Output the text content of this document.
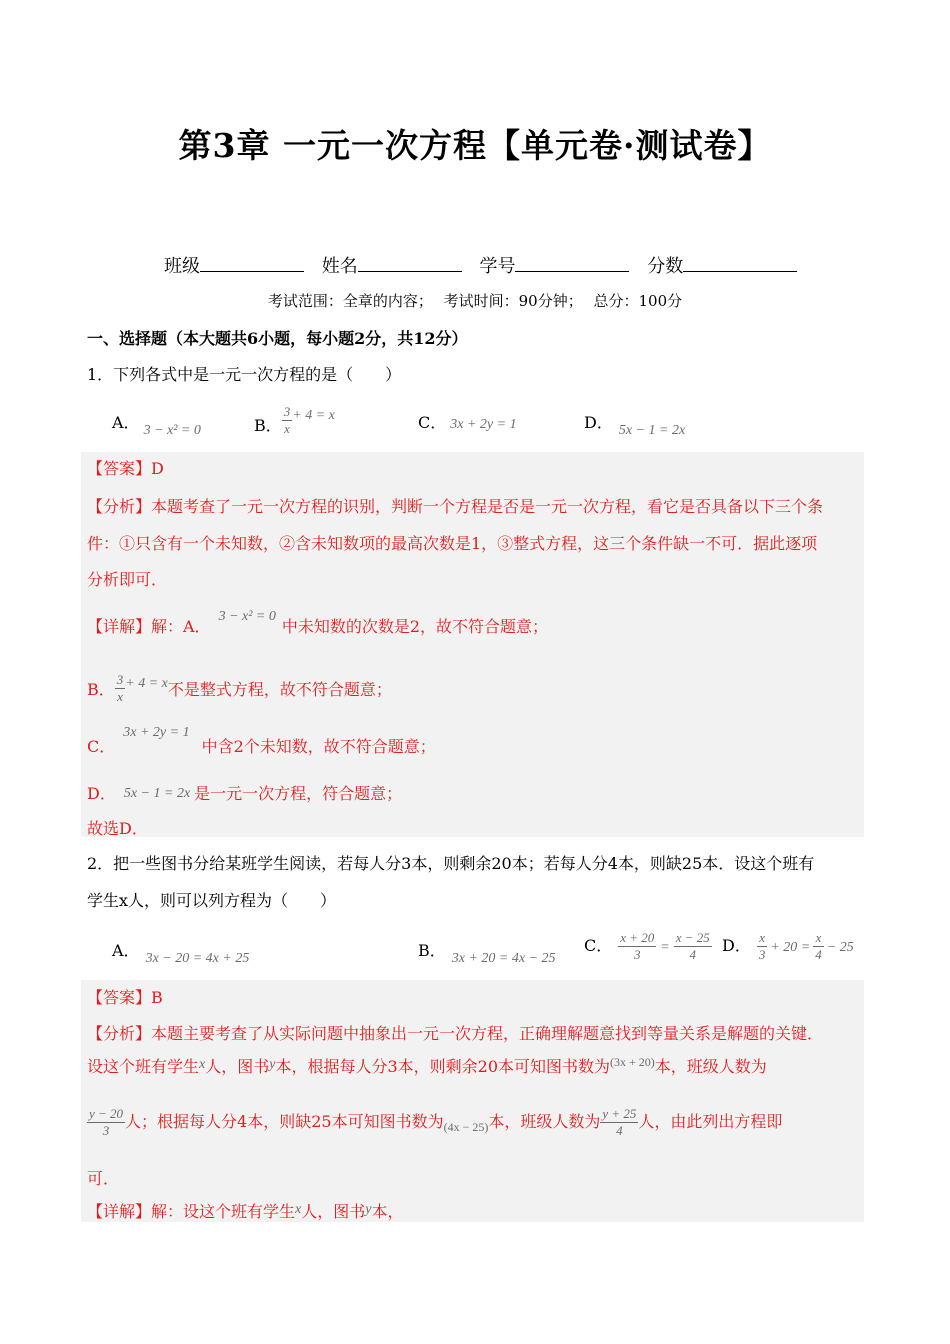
第3章 一元一次方程【单元卷·测试卷】
班级	姓名	学号	分数
考试范围：全章的内容； 考试时间：90分钟； 总分：100分
一、选择题（本大题共6小题，每小题2分，共12分）
1．下列各式中是一元一次方程的是（　　）
A． 3 − x² = 0	B． $\frac{3}{x} + 4 = x$	C． 3x + 2y = 1	D． 5x − 1 = 2x
【答案】D
【分析】本题考查了一元一次方程的识别，判断一个方程是否是一元一次方程，看它是否具备以下三个条
件：①只含有一个未知数，②含未知数项的最高次数是1，③整式方程，这三个条件缺一不可．据此逐项
分析即可．
【详解】解：A．3 − x² = 0中未知数的次数是2，故不符合题意；
B． $\frac{3}{x} + 4 = x$不是整式方程，故不符合题意；
C．3x + 2y = 1中含2个未知数，故不符合题意；
D． 5x − 1 = 2x 是一元一次方程，符合题意；
故选D．
2．把一些图书分给某班学生阅读，若每人分3本，则剩余20本；若每人分4本，则缺25本．设这个班有
学生x人，则可以列方程为（　　）
A． 3x − 20 = 4x + 25	B． 3x + 20 = 4x − 25
C． $\frac{x + 20}{3} = \frac{x - 25}{4}$ D． $\frac{x}{3} + 20 = \frac{x}{4} - 25$
【答案】B
【分析】本题主要考查了从实际问题中抽象出一元一次方程，正确理解题意找到等量关系是解题的关键．
设这个班有学生x人，图书y本，根据每人分3本，则剩余20本可知图书数为$^{(3x + 20)}$本，班级人数为
$\frac{y - 20}{3}$ 人；根据每人分4本，则缺25本可知图书数为$_{(4x - 25)}$本，班级人数为 $\frac{y + 25}{4}$ 人，由此列出方程即
可．
【详解】解：设这个班有学生x人，图书y本，
